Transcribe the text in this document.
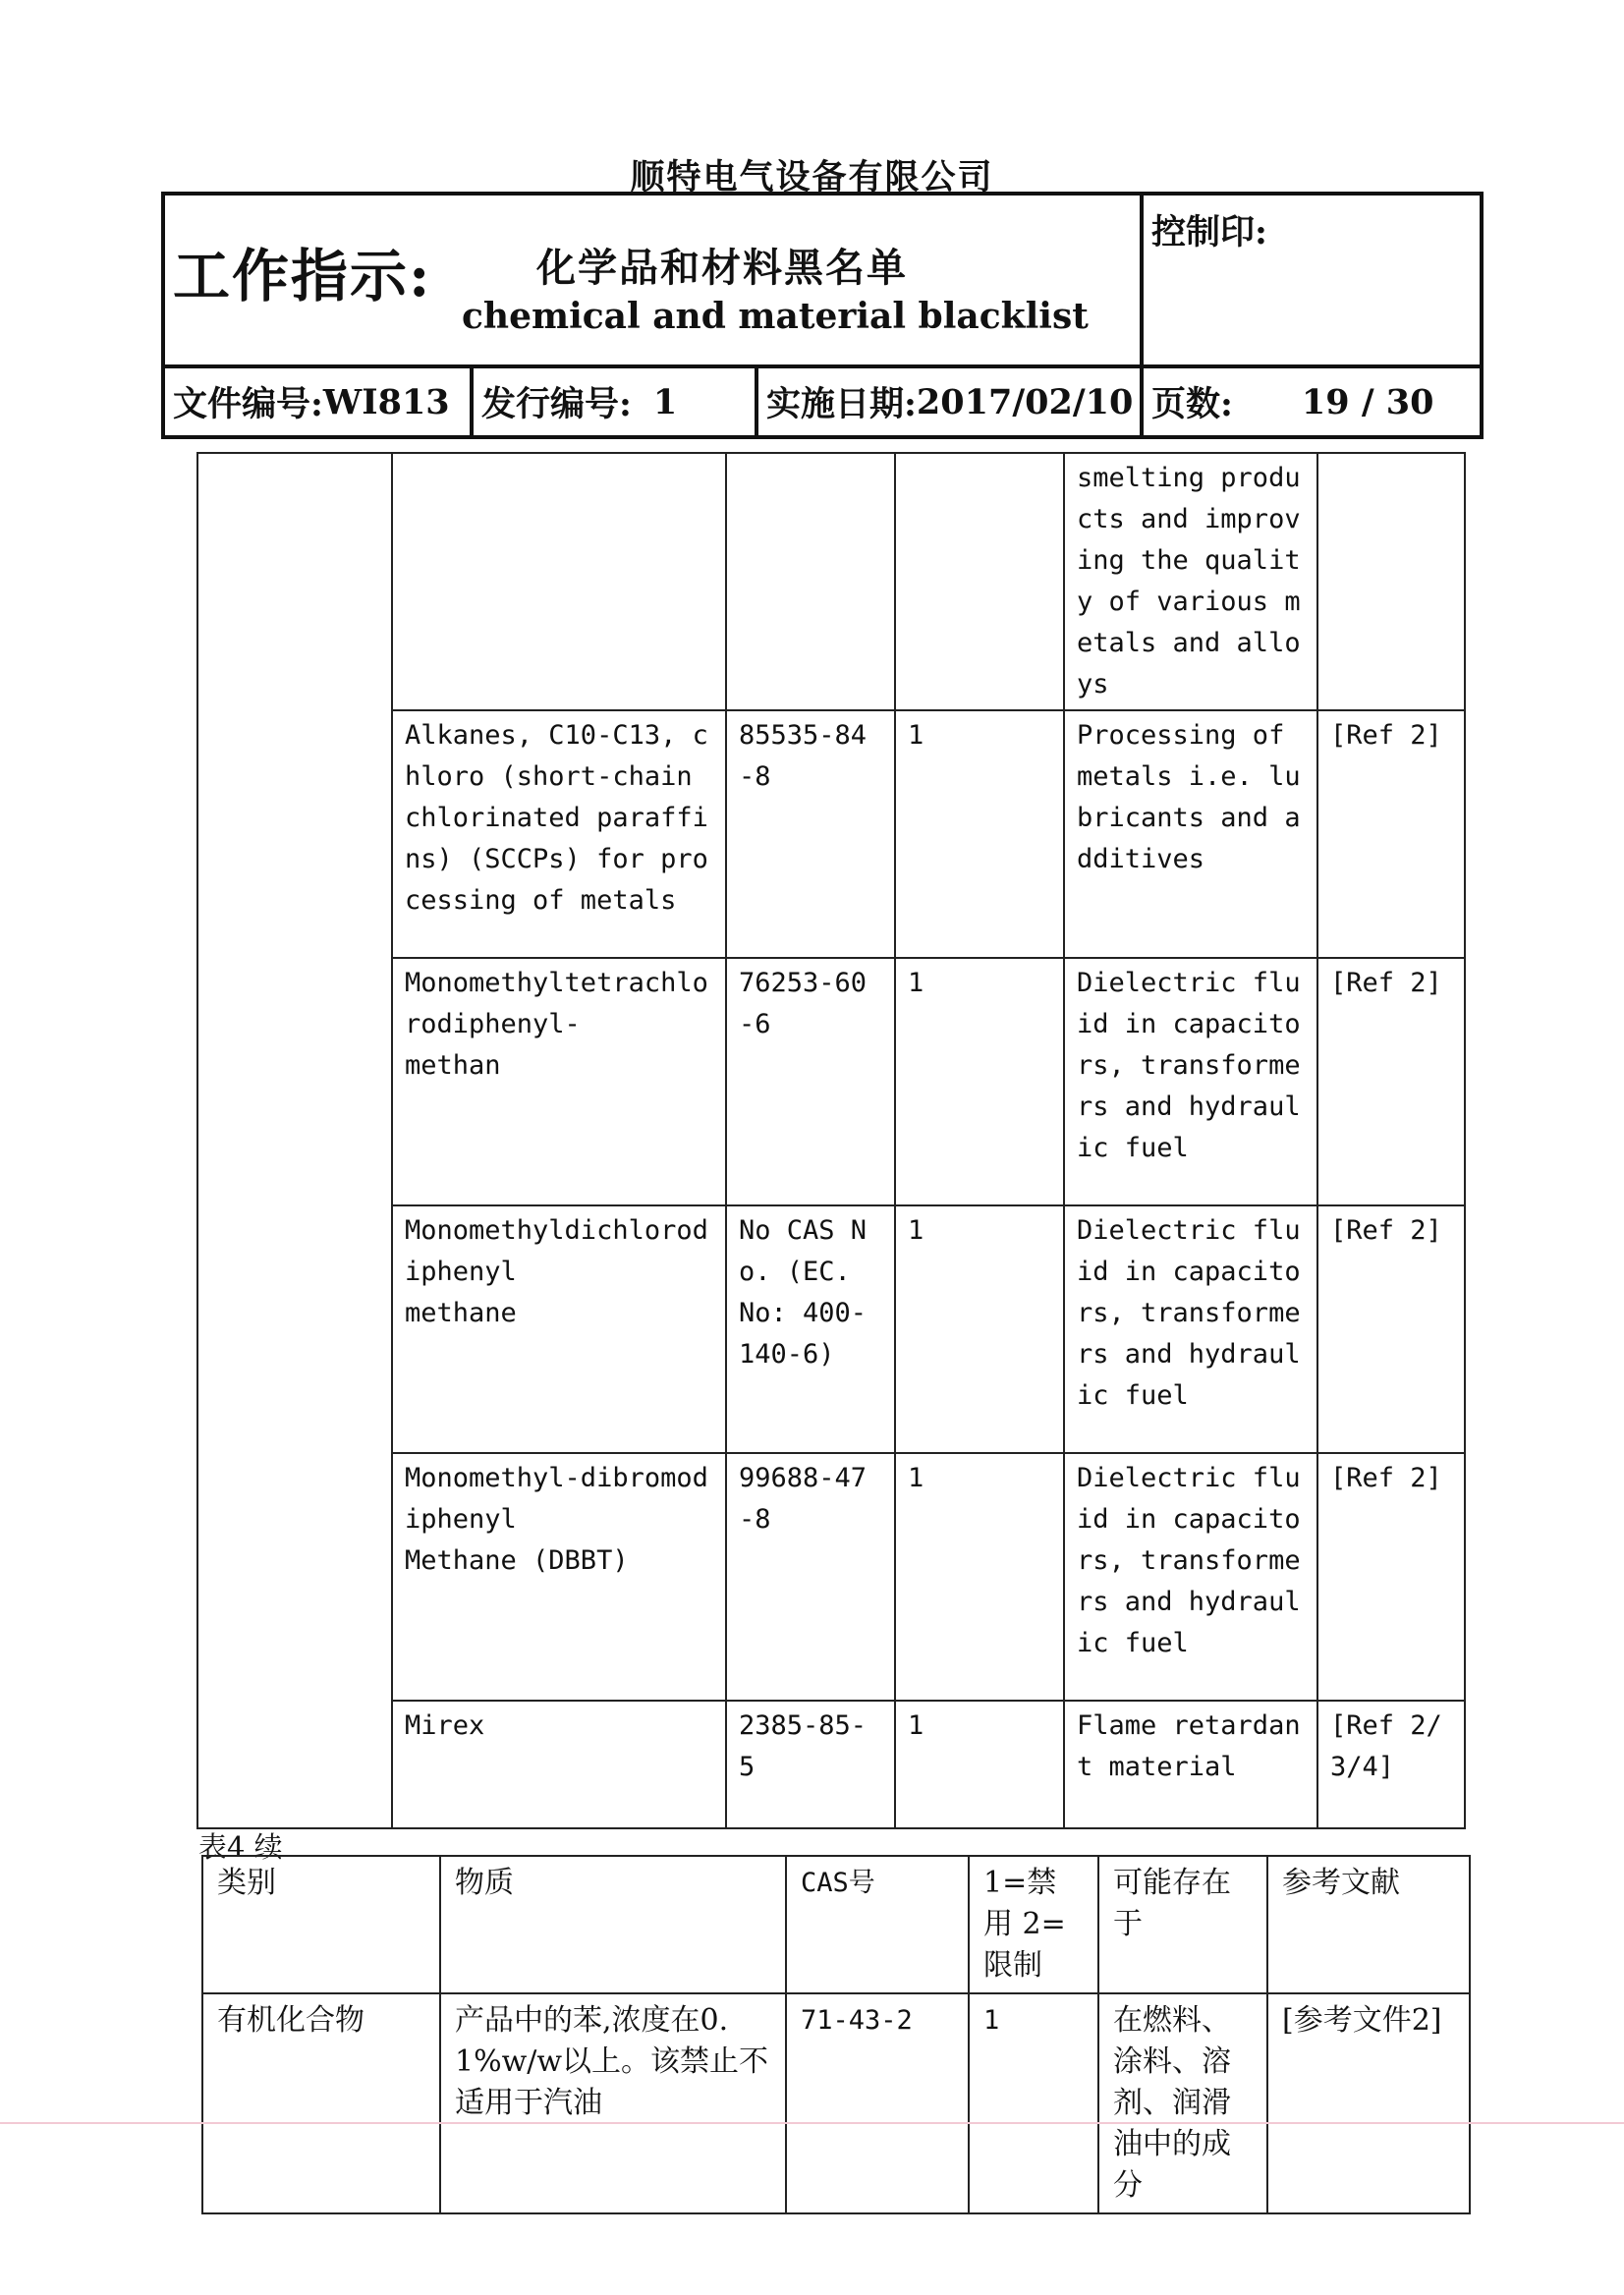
顺特电气设备有限公司
工作指示:	化学品和材料黑名单
chemical and material blacklist
控制印:
文件编号: WI813 发行编号: 1	实施日期: 2017/02/10 页数: 19 / 30
				smelting products and improving the quality of various metals and alloys	
	Alkanes, C10-C13, chloro (short-chain chlorinated paraffins) (SCCPs) for processing of metals	85535-84-8	1	Processing of metals i.e. lubricants and additives	[Ref 2]
	Monomethyltetrachlorodiphenyl-
methan	76253-60-6	1	Dielectric fluid in capacitors, transformers and hydraulic fuel	[Ref 2]
	Monomethyldichlorodiphenyl
methane	No CAS No. (EC. No: 400-140-6)	1	Dielectric fluid in capacitors, transformers and hydraulic fuel	[Ref 2]
	Monomethyl-dibromodiphenyl
Methane (DBBT)	99688-47-8	1	Dielectric fluid in capacitors, transformers and hydraulic fuel	[Ref 2]
	Mirex	2385-85-5	1	Flame retardant material	[Ref 2/3/4]
表4 续
类别	物质	CAS号	1=禁用 2=限制	可能存在于	参考文献
有机化合物	产品中的苯,浓度在0.1%w/w以上。该禁止不适用于汽油	71-43-2	1	在燃料、涂料、溶剂、润滑油中的成分	[参考文件2]
